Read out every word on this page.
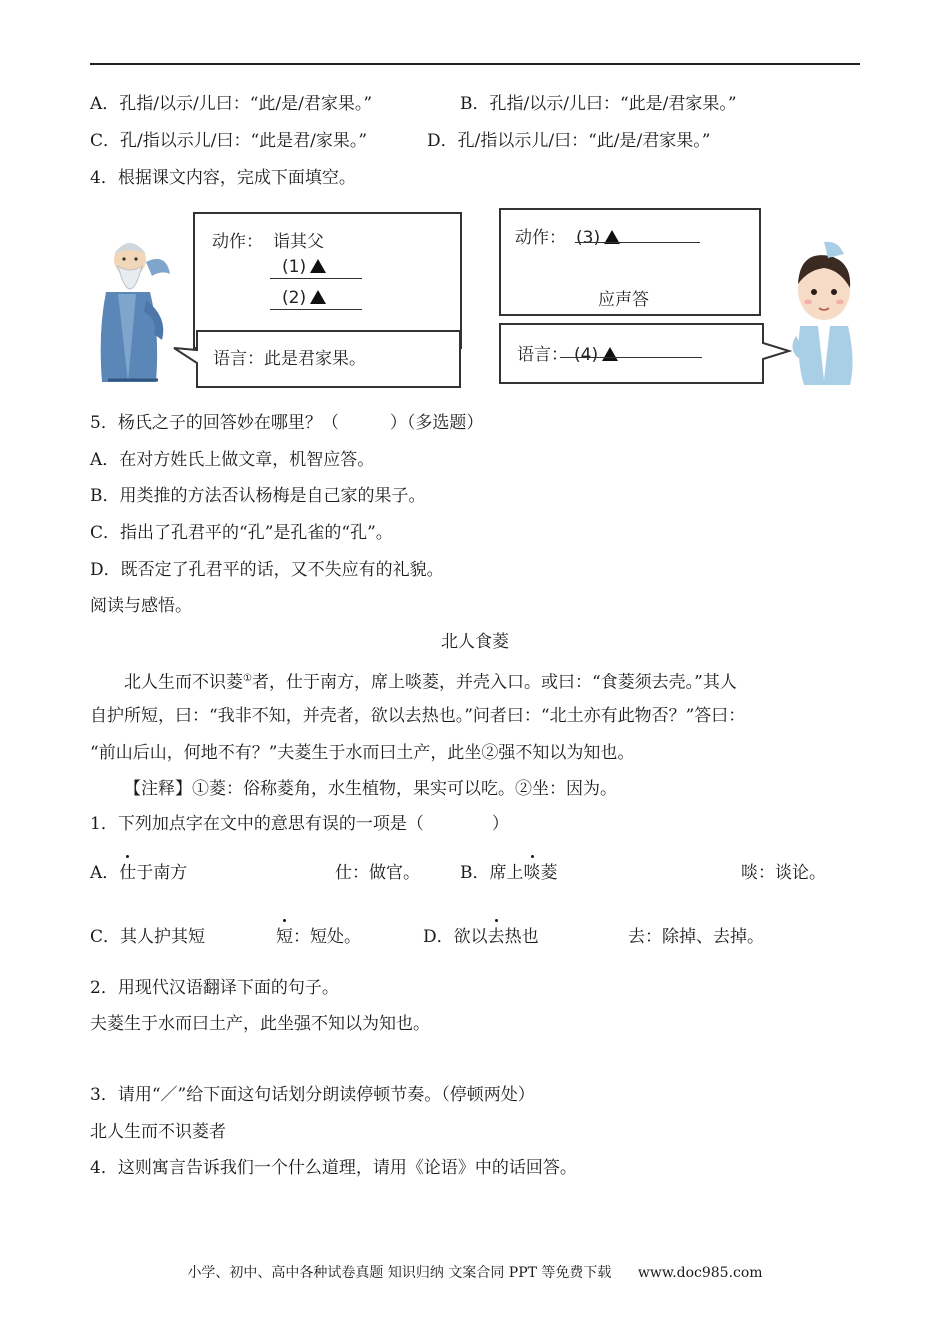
A．孔指/以示/儿曰：“此/是/君家果。”	B．孔指/以示/儿曰：“此是/君家果。”
C．孔/指以示儿/曰：“此是君/家果。”	D．孔/指以示儿/曰：“此/是/君家果。”
4．根据课文内容，完成下面填空。
动作： 诣其父
(1)
(2)
语言：此是君家果。
动作： (3)
应声答
语言： (4)
5．杨氏之子的回答妙在哪里？（　　　）（多选题）
A．在对方姓氏上做文章，机智应答。
B．用类推的方法否认杨梅是自己家的果子。
C．指出了孔君平的“孔”是孔雀的“孔”。
D．既否定了孔君平的话，又不失应有的礼貌。
阅读与感悟。
北人食菱
北人生而不识菱①者，仕于南方，席上啖菱，并壳入口。或曰：“食菱须去壳。”其人
自护所短，曰：“我非不知，并壳者，欲以去热也。”问者曰：“北土亦有此物否？”答曰：
“前山后山，何地不有？”夫菱生于水而曰土产，此坐②强不知以为知也。
【注释】①菱：俗称菱角，水生植物，果实可以吃。②坐：因为。
1．下列加点字在文中的意思有误的一项是（　　　　）
A．仕于南方	仕：做官。 B．席上啖菱	啖：谈论。
C．其人护其短	短：短处。	D．欲以去热也	去：除掉、去掉。
2．用现代汉语翻译下面的句子。
夫菱生于水而曰土产，此坐强不知以为知也。
3．请用“／”给下面这句话划分朗读停顿节奏。（停顿两处）
北人生而不识菱者
4．这则寓言告诉我们一个什么道理，请用《论语》中的话回答。
小学、初中、高中各种试卷真题 知识归纳 文案合同 PPT 等免费下载 www.doc985.com
